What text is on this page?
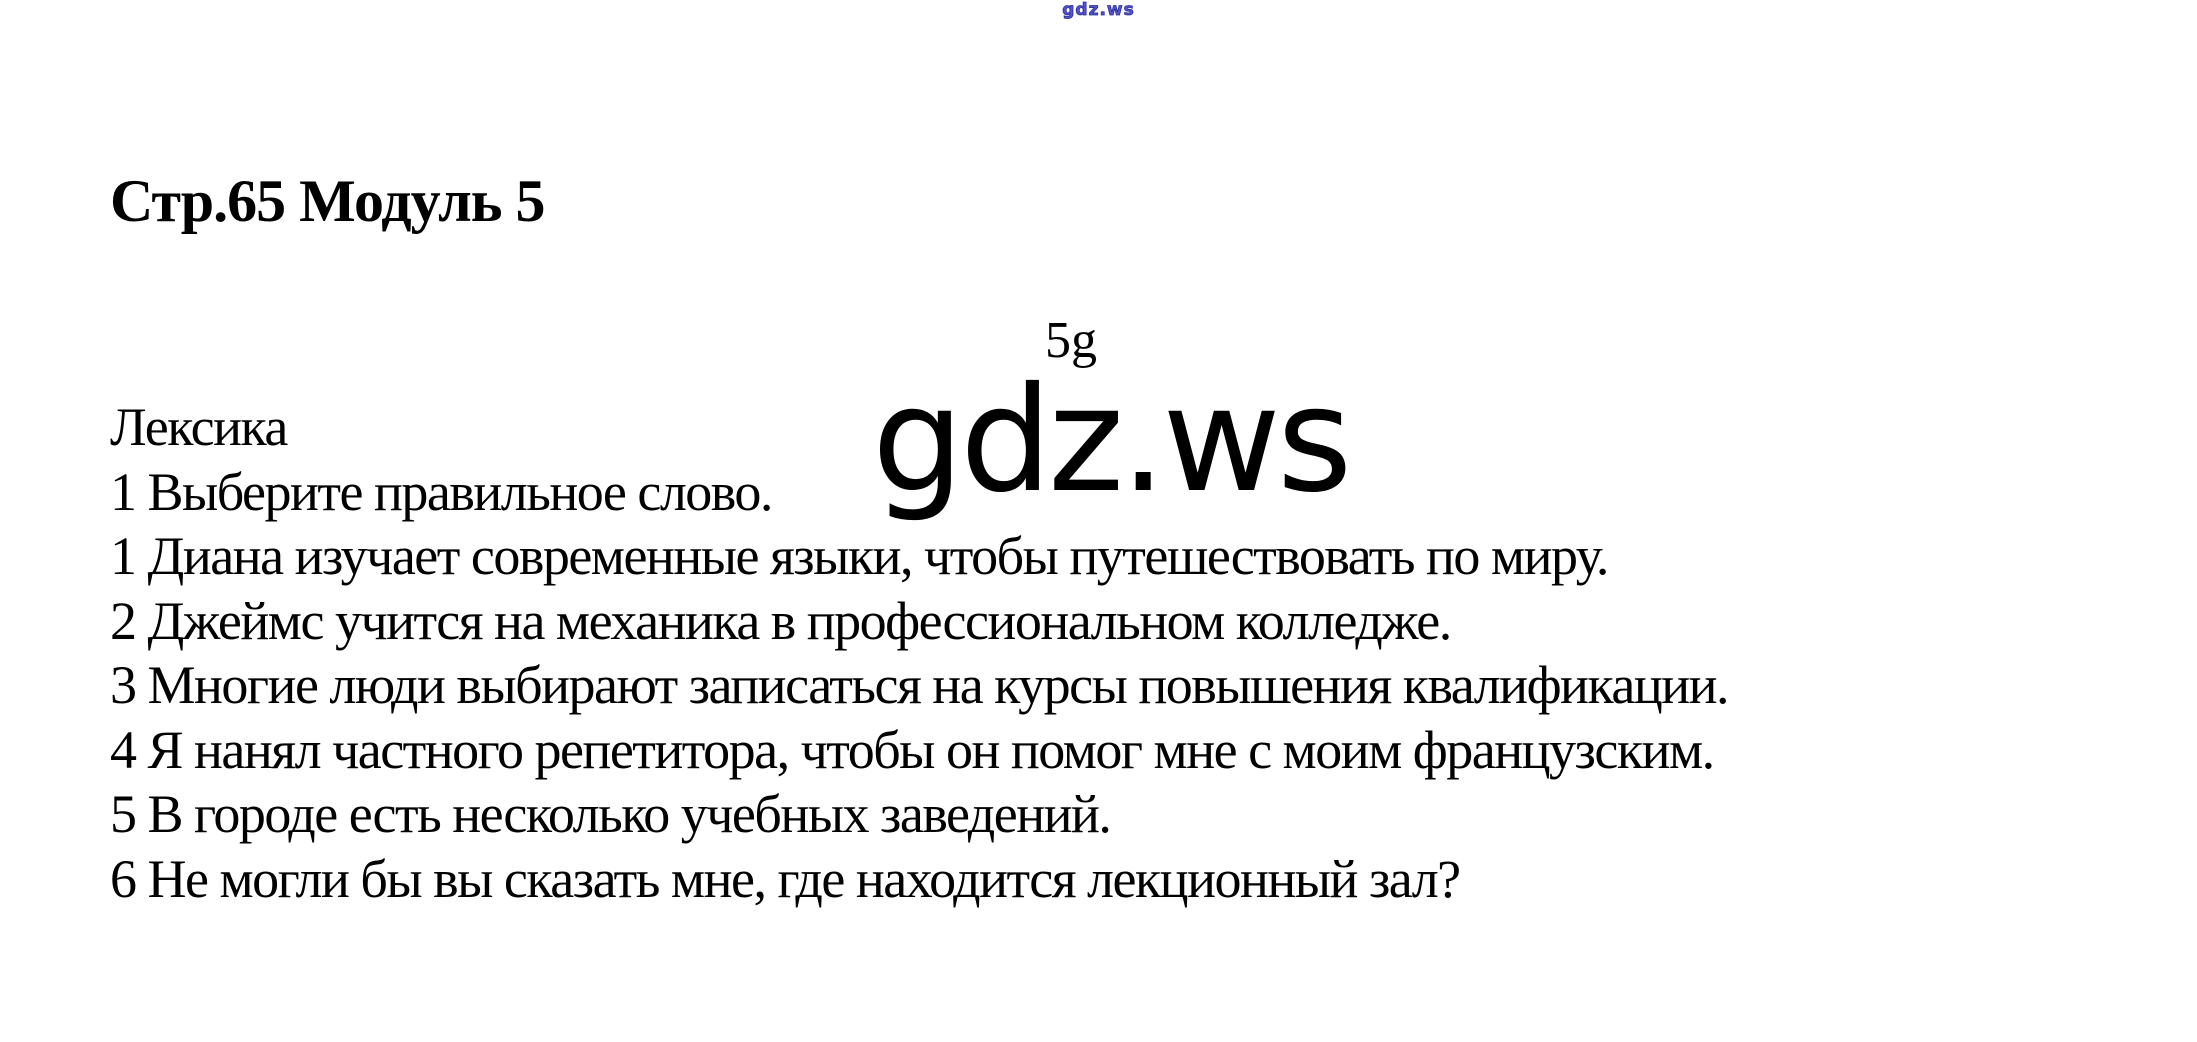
gdz.ws
Стр.65 Модуль 5
5g
gdz.ws
Лексика
1 Выберите правильное слово.
1 Диана изучает современные языки, чтобы путешествовать по миру.
2 Джеймс учится на механика в профессиональном колледже.
3 Многие люди выбирают записаться на курсы повышения квалификации.
4 Я нанял частного репетитора, чтобы он помог мне с моим французским.
5 В городе есть несколько учебных заведений.
6 Не могли бы вы сказать мне, где находится лекционный зал?
